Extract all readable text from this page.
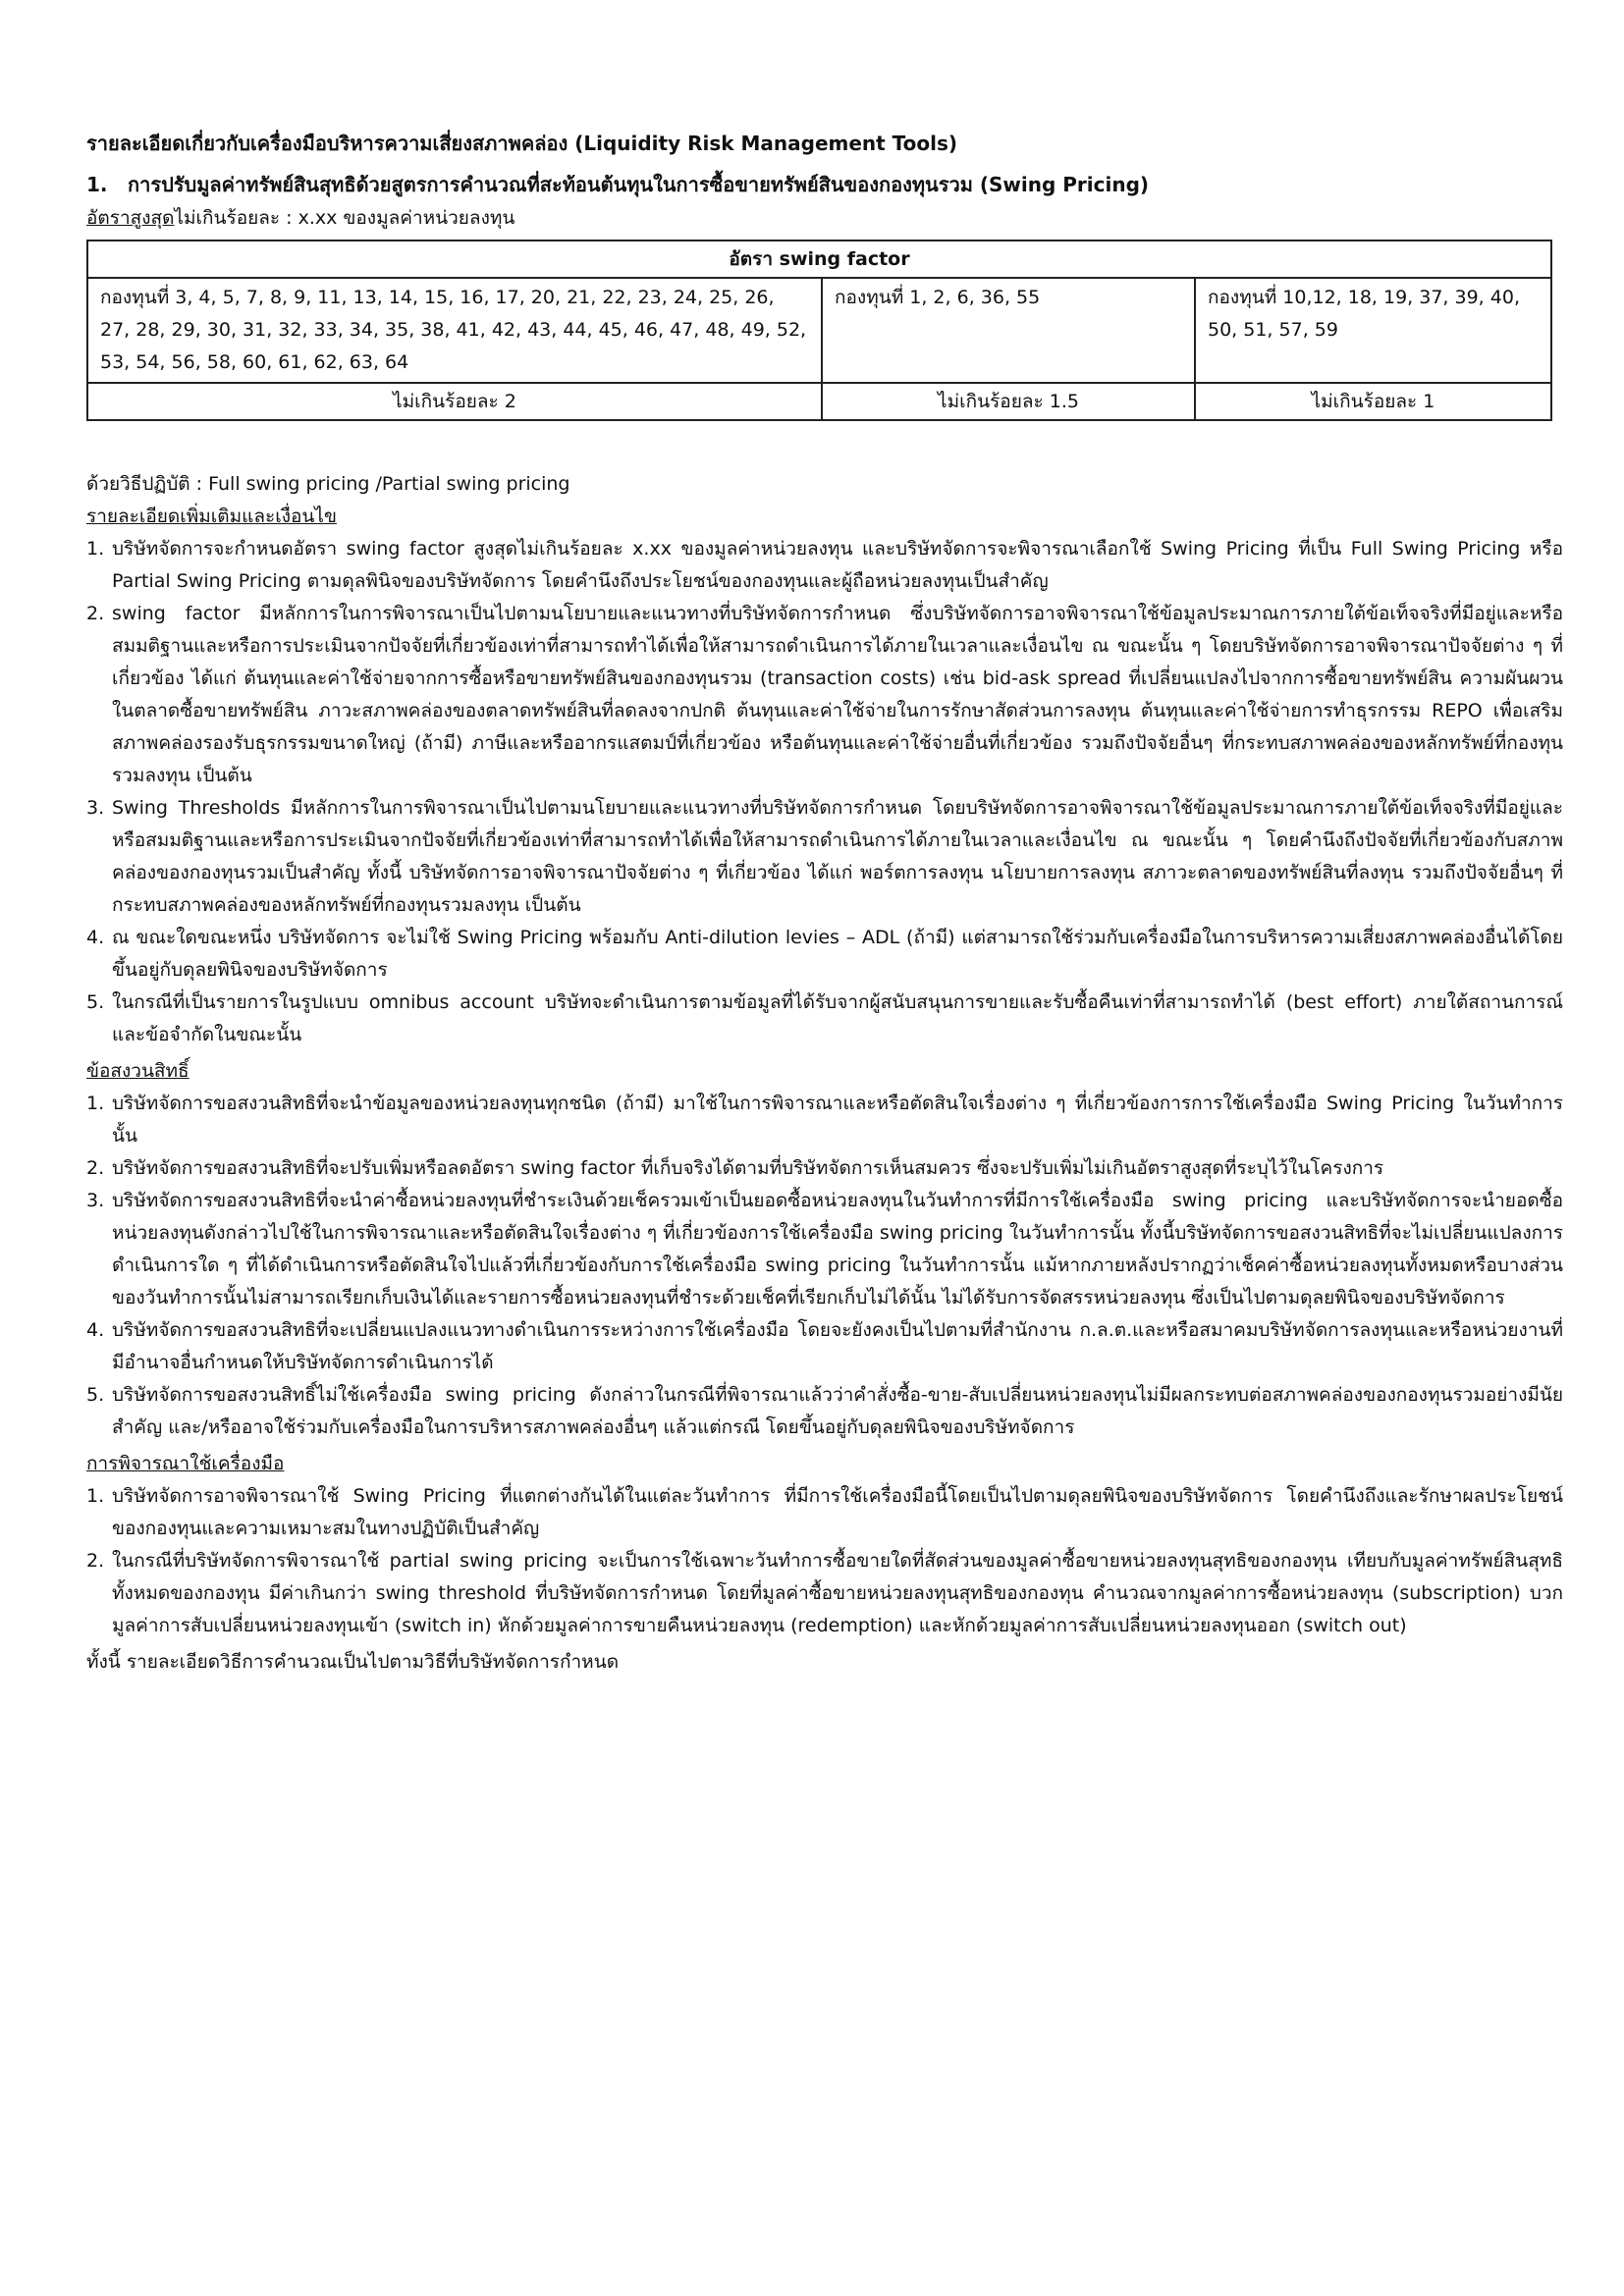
รายละเอียดเกี่ยวกับเครื่องมือบริหารความเสี่ยงสภาพคล่อง (Liquidity Risk Management Tools)
1.	การปรับมูลค่าทรัพย์สินสุทธิด้วยสูตรการคำนวณที่สะท้อนต้นทุนในการซื้อขายทรัพย์สินของกองทุนรวม (Swing Pricing)
อัตราสูงสุดไม่เกินร้อยละ : x.xx ของมูลค่าหน่วยลงทุน
อัตรา swing factor		
กองทุนที่ 3, 4, 5, 7, 8, 9, 11, 13, 14, 15, 16, 17, 20, 21, 22, 23, 24, 25, 26, 27, 28, 29, 30, 31, 32, 33, 34, 35, 38, 41, 42, 43, 44, 45, 46, 47, 48, 49, 52, 53, 54, 56, 58, 60, 61, 62, 63, 64	กองทุนที่ 1, 2, 6, 36, 55	กองทุนที่ 10,12, 18, 19, 37, 39, 40, 50, 51, 57, 59
ไม่เกินร้อยละ 2	ไม่เกินร้อยละ 1.5	ไม่เกินร้อยละ 1

ด้วยวิธีปฏิบัติ : Full swing pricing /Partial swing pricing

รายละเอียดเพิ่มเติมและเงื่อนไข

1. บริษัทจัดการจะกำหนดอัตรา swing factor สูงสุดไม่เกินร้อยละ x.xx ของมูลค่าหน่วยลงทุน และบริษัทจัดการจะพิจารณาเลือกใช้ Swing Pricing ที่เป็น Full Swing Pricing หรือ Partial Swing Pricing ตามดุลพินิจของบริษัทจัดการ โดยคำนึงถึงประโยชน์ของกองทุนและผู้ถือหน่วยลงทุนเป็นสำคัญ
2. swing factor มีหลักการในการพิจารณาเป็นไปตามนโยบายและแนวทางที่บริษัทจัดการกำหนด ซึ่งบริษัทจัดการอาจพิจารณาใช้ข้อมูลประมาณการภายใต้ข้อเท็จจริงที่มีอยู่และหรือสมมติฐานและหรือการประเมินจากปัจจัยที่เกี่ยวข้องเท่าที่สามารถทำได้เพื่อให้สามารถดำเนินการได้ภายในเวลาและเงื่อนไข ณ ขณะนั้น ๆ โดยบริษัทจัดการอาจพิจารณาปัจจัยต่าง ๆ ที่เกี่ยวข้อง ได้แก่ ต้นทุนและค่าใช้จ่ายจากการซื้อหรือขายทรัพย์สินของกองทุนรวม (transaction costs) เช่น bid-ask spread ที่เปลี่ยนแปลงไปจากการซื้อขายทรัพย์สิน ความผันผวนในตลาดซื้อขายทรัพย์สิน ภาวะสภาพคล่องของตลาดทรัพย์สินที่ลดลงจากปกติ ต้นทุนและค่าใช้จ่ายในการรักษาสัดส่วนการลงทุน ต้นทุนและค่าใช้จ่ายการทำธุรกรรม REPO เพื่อเสริมสภาพคล่องรองรับธุรกรรมขนาดใหญ่ (ถ้ามี) ภาษีและหรืออากรแสตมป์ที่เกี่ยวข้อง หรือต้นทุนและค่าใช้จ่ายอื่นที่เกี่ยวข้อง รวมถึงปัจจัยอื่นๆ ที่กระทบสภาพคล่องของหลักทรัพย์ที่กองทุนรวมลงทุน เป็นต้น
3. Swing Thresholds มีหลักการในการพิจารณาเป็นไปตามนโยบายและแนวทางที่บริษัทจัดการกำหนด โดยบริษัทจัดการอาจพิจารณาใช้ข้อมูลประมาณการภายใต้ข้อเท็จจริงที่มีอยู่และหรือสมมติฐานและหรือการประเมินจากปัจจัยที่เกี่ยวข้องเท่าที่สามารถทำได้เพื่อให้สามารถดำเนินการได้ภายในเวลาและเงื่อนไข ณ ขณะนั้น ๆ โดยคำนึงถึงปัจจัยที่เกี่ยวข้องกับสภาพคล่องของกองทุนรวมเป็นสำคัญ ทั้งนี้ บริษัทจัดการอาจพิจารณาปัจจัยต่าง ๆ ที่เกี่ยวข้อง ได้แก่ พอร์ตการลงทุน นโยบายการลงทุน สภาวะตลาดของทรัพย์สินที่ลงทุน รวมถึงปัจจัยอื่นๆ ที่กระทบสภาพคล่องของหลักทรัพย์ที่กองทุนรวมลงทุน เป็นต้น
4. ณ ขณะใดขณะหนึ่ง บริษัทจัดการ จะไม่ใช้ Swing Pricing พร้อมกับ Anti-dilution levies – ADL (ถ้ามี) แต่สามารถใช้ร่วมกับเครื่องมือในการบริหารความเสี่ยงสภาพคล่องอื่นได้โดยขึ้นอยู่กับดุลยพินิจของบริษัทจัดการ
5. ในกรณีที่เป็นรายการในรูปแบบ omnibus account บริษัทจะดำเนินการตามข้อมูลที่ได้รับจากผู้สนับสนุนการขายและรับซื้อคืนเท่าที่สามารถทำได้ (best effort) ภายใต้สถานการณ์และข้อจำกัดในขณะนั้น

ข้อสงวนสิทธิ์

1. บริษัทจัดการขอสงวนสิทธิที่จะนำข้อมูลของหน่วยลงทุนทุกชนิด (ถ้ามี) มาใช้ในการพิจารณาและหรือตัดสินใจเรื่องต่าง ๆ ที่เกี่ยวข้องการการใช้เครื่องมือ Swing Pricing ในวันทำการนั้น
2. บริษัทจัดการขอสงวนสิทธิที่จะปรับเพิ่มหรือลดอัตรา swing factor ที่เก็บจริงได้ตามที่บริษัทจัดการเห็นสมควร ซึ่งจะปรับเพิ่มไม่เกินอัตราสูงสุดที่ระบุไว้ในโครงการ
3. บริษัทจัดการขอสงวนสิทธิที่จะนำค่าซื้อหน่วยลงทุนที่ชำระเงินด้วยเช็ครวมเข้าเป็นยอดซื้อหน่วยลงทุนในวันทำการที่มีการใช้เครื่องมือ swing pricing และบริษัทจัดการจะนำยอดซื้อหน่วยลงทุนดังกล่าวไปใช้ในการพิจารณาและหรือตัดสินใจเรื่องต่าง ๆ ที่เกี่ยวข้องการใช้เครื่องมือ swing pricing ในวันทำการนั้น ทั้งนี้บริษัทจัดการขอสงวนสิทธิที่จะไม่เปลี่ยนแปลงการดำเนินการใด ๆ ที่ได้ดำเนินการหรือตัดสินใจไปแล้วที่เกี่ยวข้องกับการใช้เครื่องมือ swing pricing ในวันทำการนั้น แม้หากภายหลังปรากฏว่าเช็คค่าซื้อหน่วยลงทุนทั้งหมดหรือบางส่วนของวันทำการนั้นไม่สามารถเรียกเก็บเงินได้และรายการซื้อหน่วยลงทุนที่ชำระด้วยเช็คที่เรียกเก็บไม่ได้นั้น ไม่ได้รับการจัดสรรหน่วยลงทุน ซึ่งเป็นไปตามดุลยพินิจของบริษัทจัดการ
4. บริษัทจัดการขอสงวนสิทธิที่จะเปลี่ยนแปลงแนวทางดำเนินการระหว่างการใช้เครื่องมือ โดยจะยังคงเป็นไปตามที่สำนักงาน ก.ล.ต.และหรือสมาคมบริษัทจัดการลงทุนและหรือหน่วยงานที่มีอำนาจอื่นกำหนดให้บริษัทจัดการดำเนินการได้
5. บริษัทจัดการขอสงวนสิทธิ์ไม่ใช้เครื่องมือ swing pricing ดังกล่าวในกรณีที่พิจารณาแล้วว่าคำสั่งซื้อ-ขาย-สับเปลี่ยนหน่วยลงทุนไม่มีผลกระทบต่อสภาพคล่องของกองทุนรวมอย่างมีนัยสำคัญ และ/หรืออาจใช้ร่วมกับเครื่องมือในการบริหารสภาพคล่องอื่นๆ แล้วแต่กรณี โดยขึ้นอยู่กับดุลยพินิจของบริษัทจัดการ

การพิจารณาใช้เครื่องมือ

1. บริษัทจัดการอาจพิจารณาใช้ Swing Pricing ที่แตกต่างกันได้ในแต่ละวันทำการ ที่มีการใช้เครื่องมือนี้โดยเป็นไปตามดุลยพินิจของบริษัทจัดการ โดยคำนึงถึงและรักษาผลประโยชน์ของกองทุนและความเหมาะสมในทางปฏิบัติเป็นสำคัญ
2. ในกรณีที่บริษัทจัดการพิจารณาใช้ partial swing pricing จะเป็นการใช้เฉพาะวันทำการซื้อขายใดที่สัดส่วนของมูลค่าซื้อขายหน่วยลงทุนสุทธิของกองทุน เทียบกับมูลค่าทรัพย์สินสุทธิทั้งหมดของกองทุน มีค่าเกินกว่า swing threshold ที่บริษัทจัดการกำหนด โดยที่มูลค่าซื้อขายหน่วยลงทุนสุทธิของกองทุน คำนวณจากมูลค่าการซื้อหน่วยลงทุน (subscription) บวกมูลค่าการสับเปลี่ยนหน่วยลงทุนเข้า (switch in) หักด้วยมูลค่าการขายคืนหน่วยลงทุน (redemption) และหักด้วยมูลค่าการสับเปลี่ยนหน่วยลงทุนออก (switch out)

ทั้งนี้ รายละเอียดวิธีการคำนวณเป็นไปตามวิธีที่บริษัทจัดการกำหนด
